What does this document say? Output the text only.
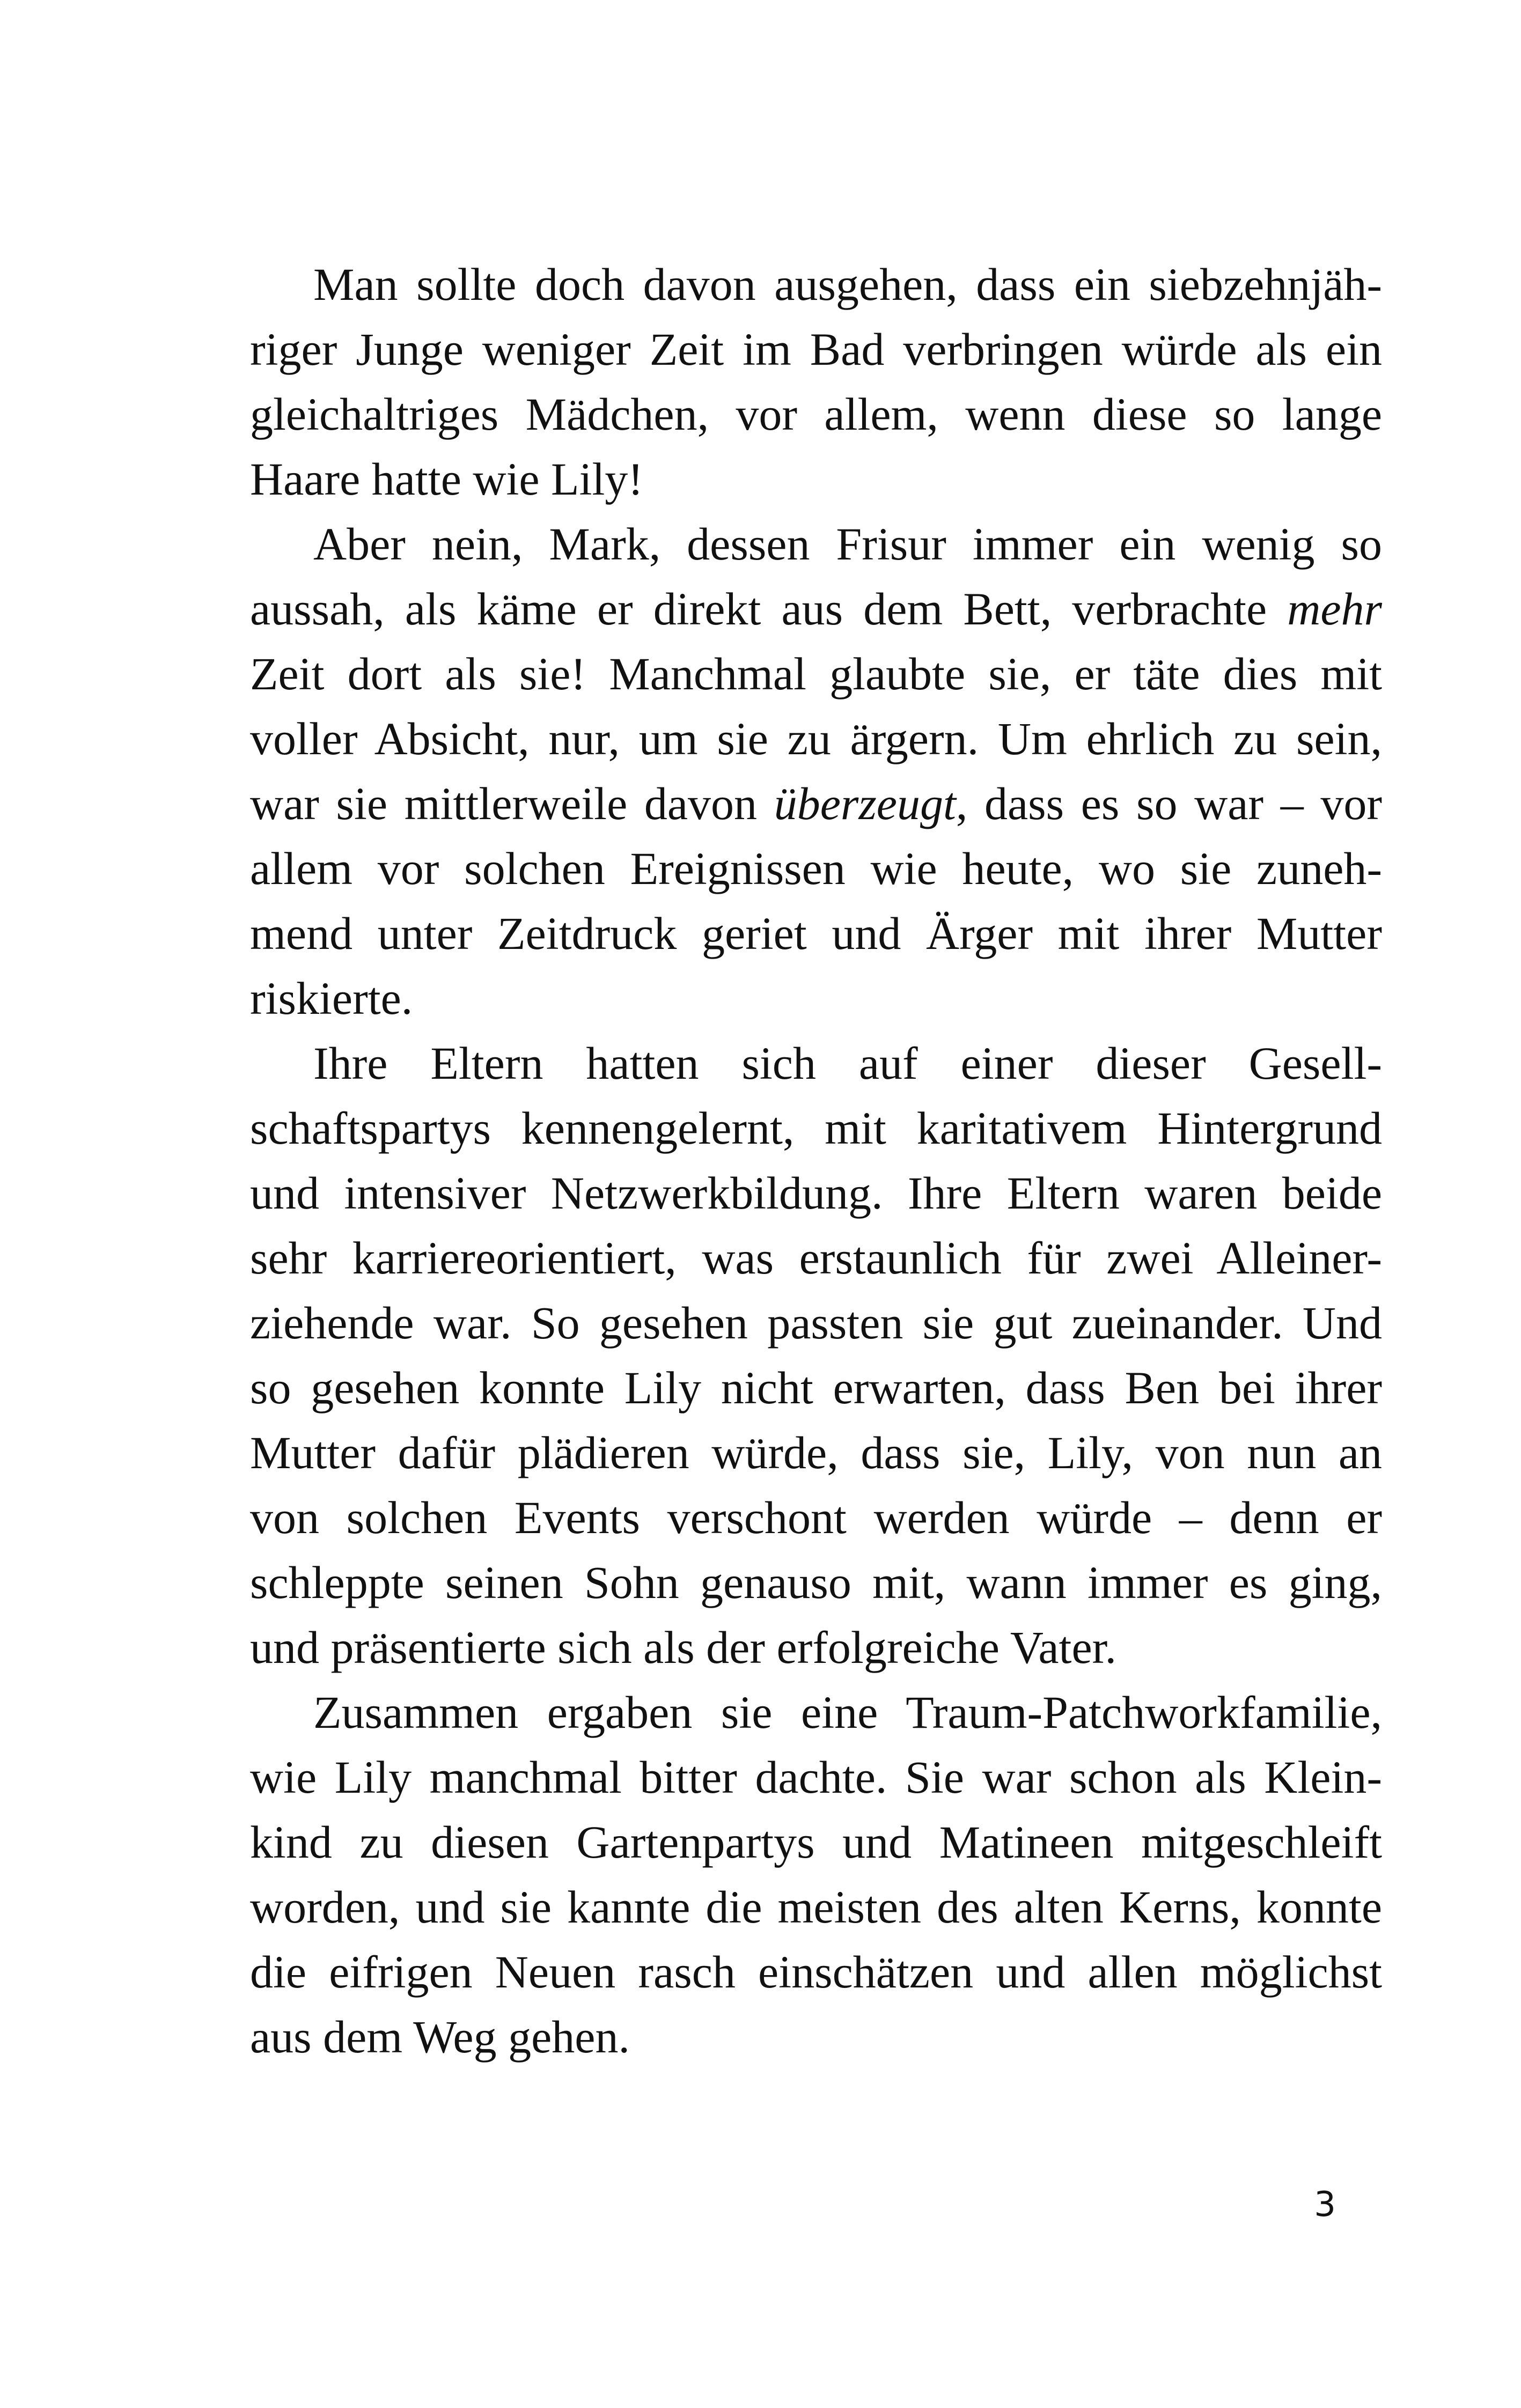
Man sollte doch davon ausgehen, dass ein siebzehnjäh-
riger Junge weniger Zeit im Bad verbringen würde als ein
gleichaltriges Mädchen, vor allem, wenn diese so lange
Haare hatte wie Lily!
Aber nein, Mark, dessen Frisur immer ein wenig so
aussah, als käme er direkt aus dem Bett, verbrachte mehr
Zeit dort als sie! Manchmal glaubte sie, er täte dies mit
voller Absicht, nur, um sie zu ärgern. Um ehrlich zu sein,
war sie mittlerweile davon überzeugt, dass es so war – vor
allem vor solchen Ereignissen wie heute, wo sie zuneh-
mend unter Zeitdruck geriet und Ärger mit ihrer Mutter
riskierte.
Ihre Eltern hatten sich auf einer dieser Gesell-
schaftspartys kennengelernt, mit karitativem Hintergrund
und intensiver Netzwerkbildung. Ihre Eltern waren beide
sehr karriereorientiert, was erstaunlich für zwei Alleiner-
ziehende war. So gesehen passten sie gut zueinander. Und
so gesehen konnte Lily nicht erwarten, dass Ben bei ihrer
Mutter dafür plädieren würde, dass sie, Lily, von nun an
von solchen Events verschont werden würde – denn er
schleppte seinen Sohn genauso mit, wann immer es ging,
und präsentierte sich als der erfolgreiche Vater.
Zusammen ergaben sie eine Traum-Patchworkfamilie,
wie Lily manchmal bitter dachte. Sie war schon als Klein-
kind zu diesen Gartenpartys und Matineen mitgeschleift
worden, und sie kannte die meisten des alten Kerns, konnte
die eifrigen Neuen rasch einschätzen und allen möglichst
aus dem Weg gehen.
3
